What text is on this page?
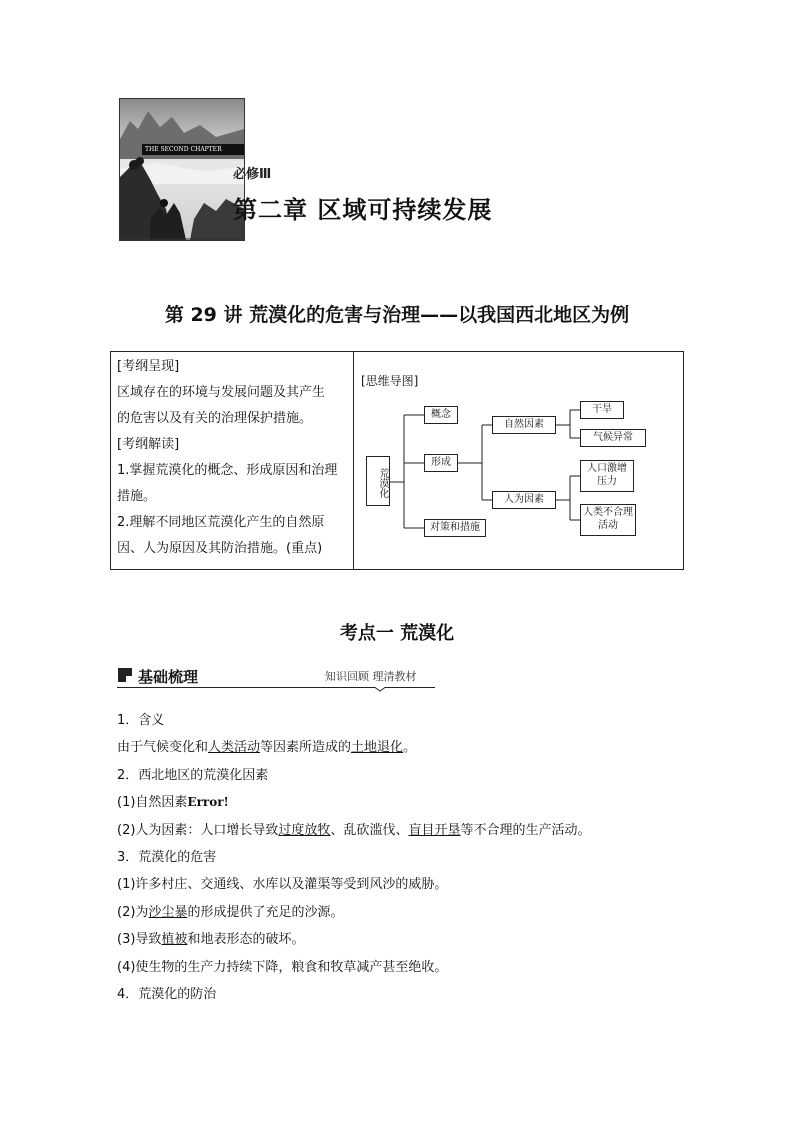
THE SECOND CHAPTER
必修Ⅲ
第二章 区域可持续发展
第 29 讲 荒漠化的危害与治理——以我国西北地区为例

[考纲呈现]

区域存在的环境与发展问题及其产生

的危害以及有关的治理保护措施。

[考纲解读]

1.掌握荒漠化的概念、形成原因和治理

措施。

2.理解不同地区荒漠化产生的自然原

因、人为原因及其防治措施。(重点)

[思维导图]
荒漠化
概念
形成
对策和措施
自然因素
人为因素
干旱
气候异常
人口激增压力
人类不合理活动
考点一 荒漠化
基础梳理	知识回顾 理清教材

1．含义

由于气候变化和人类活动等因素所造成的土地退化。

2．西北地区的荒漠化因素

(1)自然因素Error!

(2)人为因素：人口增长导致过度放牧、乱砍滥伐、盲目开垦等不合理的生产活动。

3．荒漠化的危害

(1)许多村庄、交通线、水库以及灌渠等受到风沙的威胁。

(2)为沙尘暴的形成提供了充足的沙源。

(3)导致植被和地表形态的破坏。

(4)使生物的生产力持续下降，粮食和牧草减产甚至绝收。

4．荒漠化的防治
